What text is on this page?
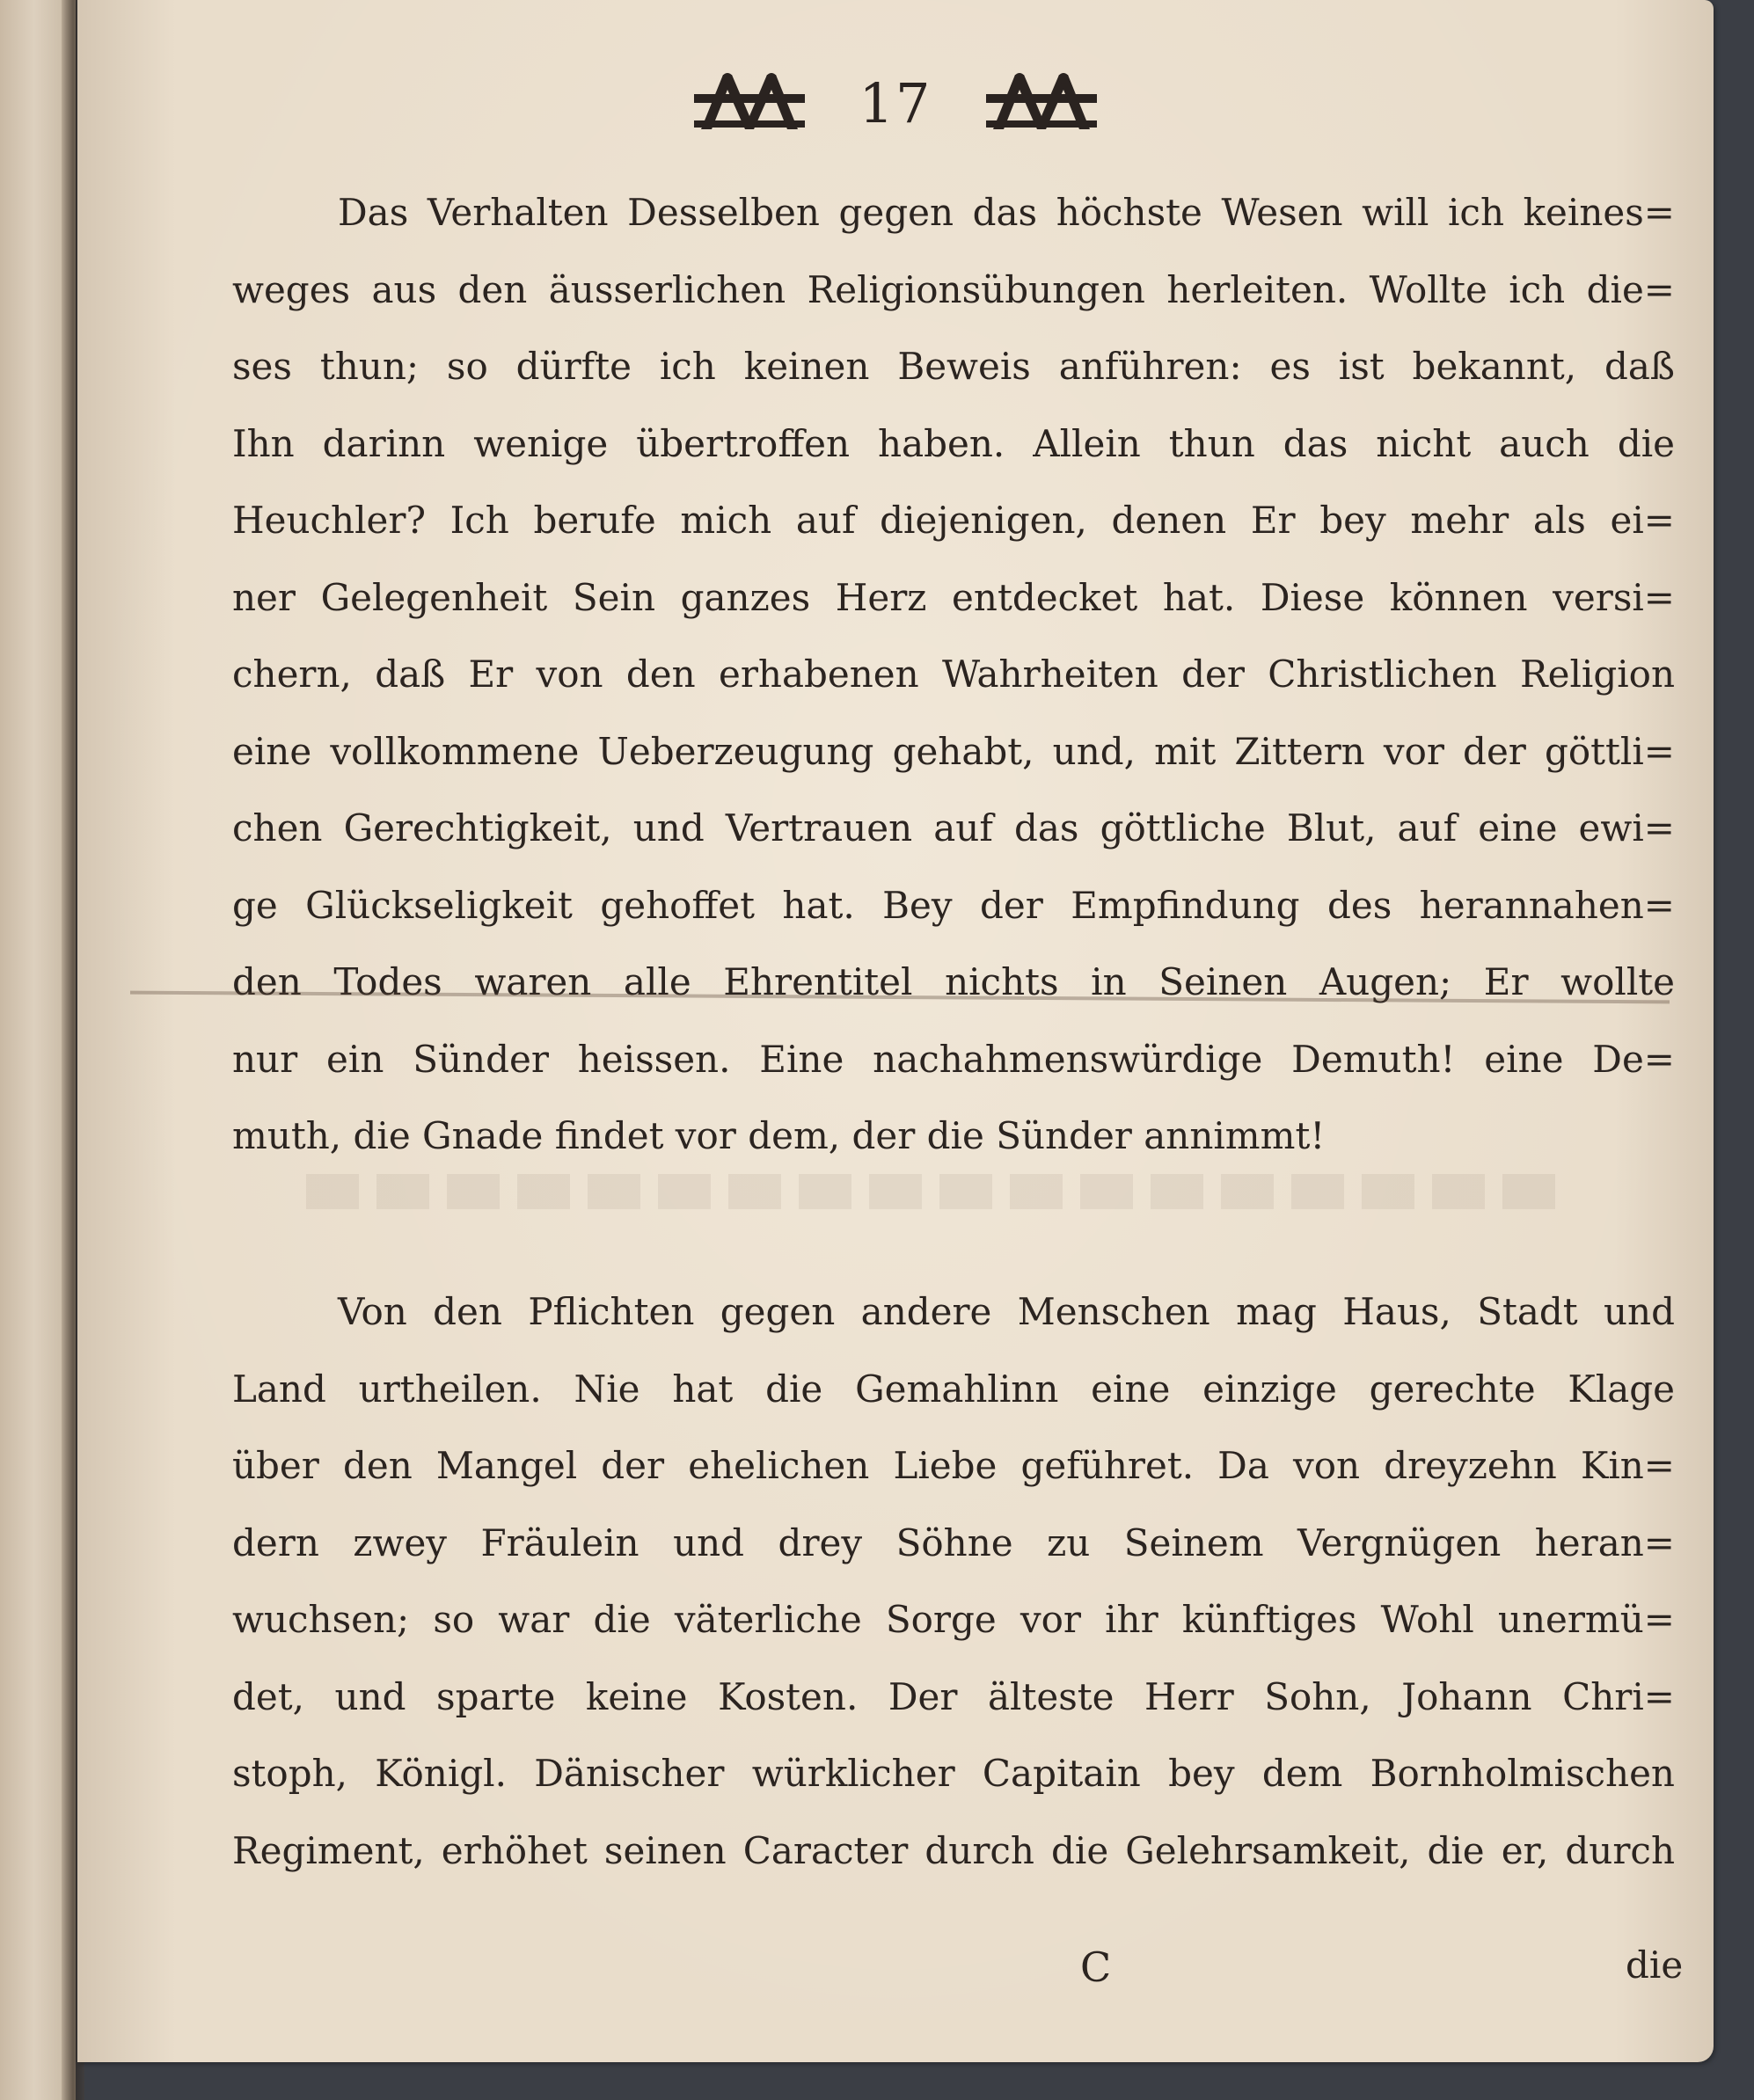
17
Das Verhalten Desselben gegen das höchste Wesen will ich keines=
weges aus den äusserlichen Religionsübungen herleiten. Wollte ich die=
ses thun; so dürfte ich keinen Beweis anführen: es ist bekannt, daß
Ihn darinn wenige übertroffen haben. Allein thun das nicht auch die
Heuchler? Ich berufe mich auf diejenigen, denen Er bey mehr als ei=
ner Gelegenheit Sein ganzes Herz entdecket hat. Diese können versi=
chern, daß Er von den erhabenen Wahrheiten der Christlichen Religion
eine vollkommene Ueberzeugung gehabt, und, mit Zittern vor der göttli=
chen Gerechtigkeit, und Vertrauen auf das göttliche Blut, auf eine ewi=
ge Glückseligkeit gehoffet hat. Bey der Empfindung des herannahen=
den Todes waren alle Ehrentitel nichts in Seinen Augen; Er wollte
nur ein Sünder heissen. Eine nachahmenswürdige Demuth! eine De=
muth, die Gnade findet vor dem, der die Sünder annimmt!
Von den Pflichten gegen andere Menschen mag Haus, Stadt und
Land urtheilen. Nie hat die Gemahlinn eine einzige gerechte Klage
über den Mangel der ehelichen Liebe geführet. Da von dreyzehn Kin=
dern zwey Fräulein und drey Söhne zu Seinem Vergnügen heran=
wuchsen; so war die väterliche Sorge vor ihr künftiges Wohl unermü=
det, und sparte keine Kosten. Der älteste Herr Sohn, Johann Chri=
stoph, Königl. Dänischer würklicher Capitain bey dem Bornholmischen
Regiment, erhöhet seinen Caracter durch die Gelehrsamkeit, die er, durch
C	die
